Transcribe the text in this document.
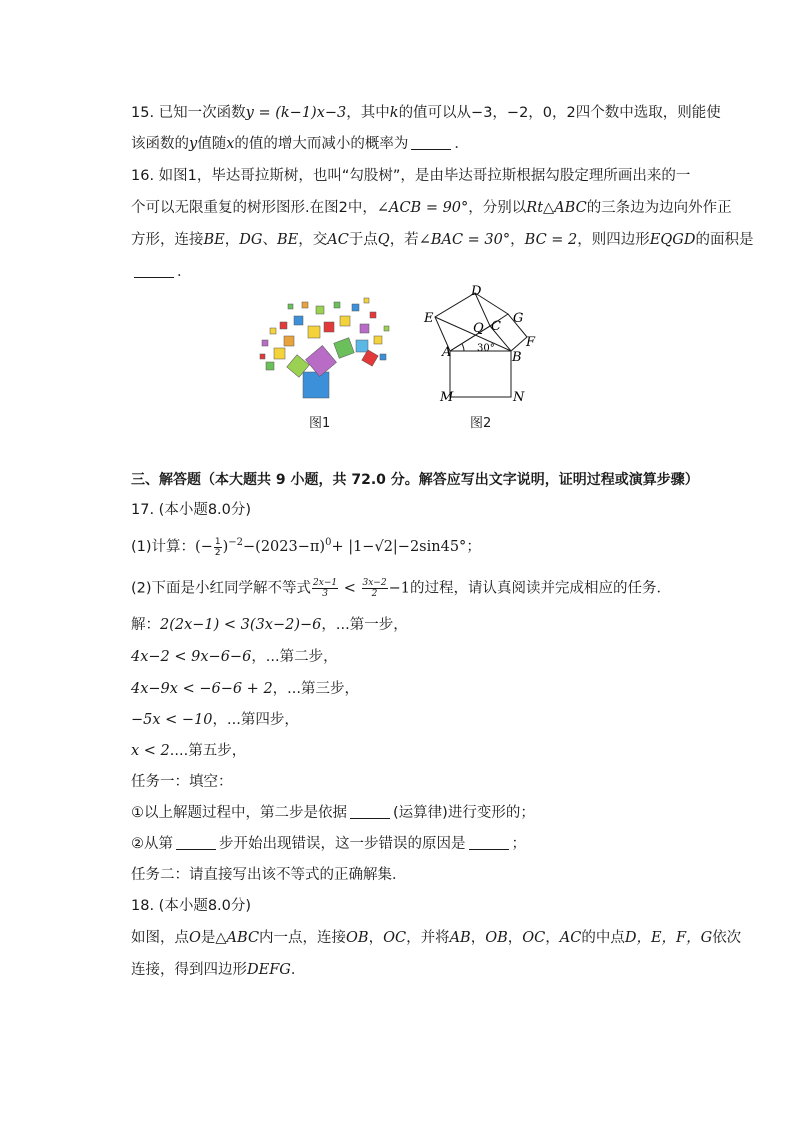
15. 已知一次函数y = (k−1)x−3，其中k的值可以从−3，−2，0，2四个数中选取，则能使
该函数的y值随x的值的增大而减小的概率为	．
16. 如图1，毕达哥拉斯树，也叫“勾股树”，是由毕达哥拉斯根据勾股定理所画出来的一
个可以无限重复的树形图形.在图2中，∠ACB = 90°，分别以Rt△ABC的三条边为边向外作正
方形，连接BE，DG、BE，交AC于点Q，若∠BAC = 30°，BC = 2，则四边形EQGD的面积是
．
图1
D
E	G
Q C
F
A	B
30°
M	N
图2
三、解答题（本大题共 9 小题，共 72.0 分。解答应写出文字说明，证明过程或演算步骤）
17. (本小题8.0分)
(1)计算：(− $\frac{1}{2} )^{-2}-(2023-\pi)^0+ |1-√2|-2\sin 45^\circ$；
(2)下面是小红同学解不等式 $\frac{2x-1}{3} < \frac{3x-2}{2} -1$的过程，请认真阅读并完成相应的任务．
解：2(2x−1) < 3(3x−2)−6，...第一步，
4x−2 < 9x−6−6，...第二步，
4x−9x < −6−6 + 2，...第三步，
−5x < −10，...第四步，
x < 2....第五步，
任务一：填空：
①以上解题过程中，第二步是依据	(运算律)进行变形的；
②从第	步开始出现错误，这一步错误的原因是	；
任务二：请直接写出该不等式的正确解集．
18. (本小题8.0分)
如图，点O是△ABC内一点，连接OB，OC，并将AB，OB，OC，AC的中点D，E，F，G依次
连接，得到四边形DEFG．
